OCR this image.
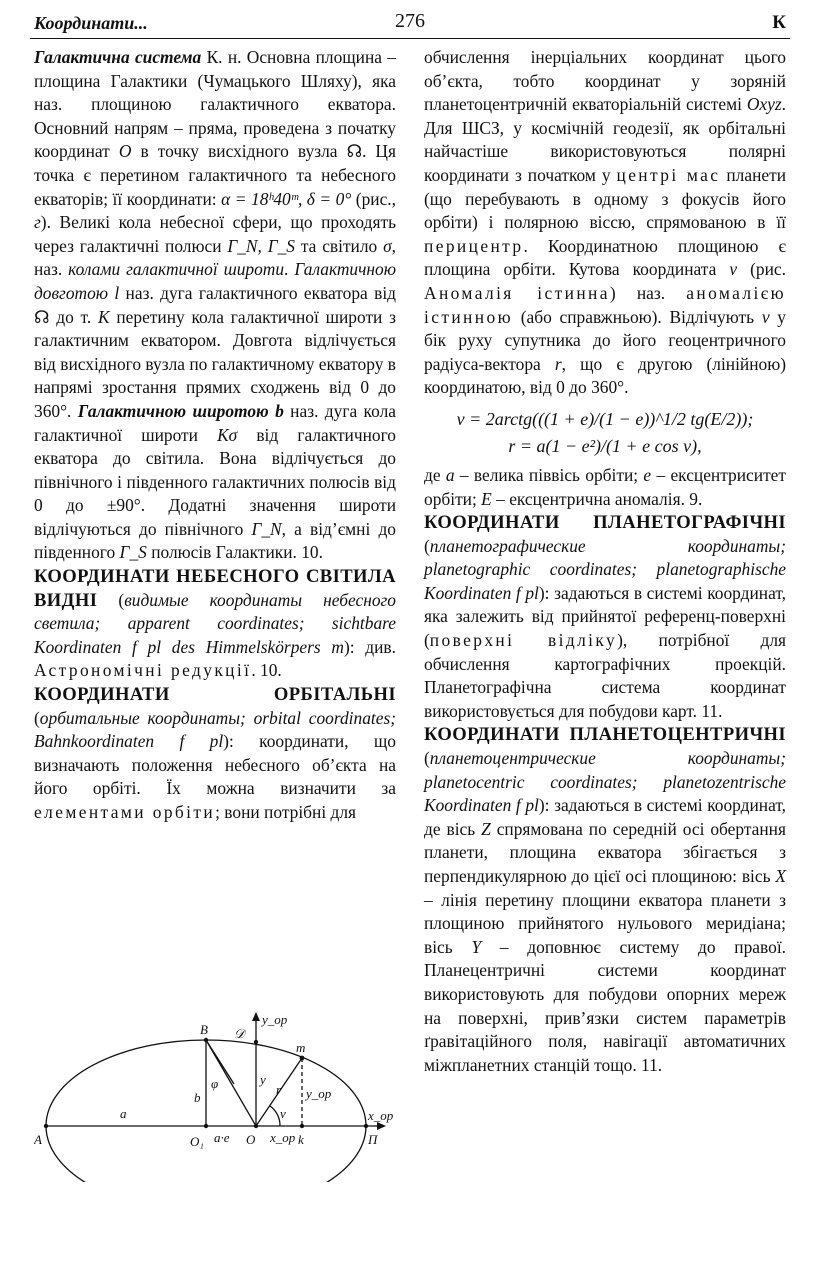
Координати...	276	К

Галактична система К. н. Основна площина – площина Галактики (Чумацького Шляху), яка наз. площиною галактичного екватора. Основний напрям – пряма, проведена з початку координат O в точку висхідного вузла ☊. Ця точка є перетином галактичного та небесного екваторів; її координати: α = 18ʰ40ᵐ, δ = 0° (рис., г). Великі кола небесної сфери, що проходять через галактичні полюси Γ_N, Γ_S та світило σ, наз. колами галактичної широти. Галактичною довготою l наз. дуга галактичного екватора від ☊ до т. K перетину кола галактичної широти з галактичним екватором. Довгота відлічується від висхідного вузла по галактичному екватору в напрямі зростання прямих сходжень від 0 до 360°. Галактичною широтою b наз. дуга кола галактичної широти Kσ від галактичного екватора до світила. Вона відлічується до північного і південного галактичних полюсів від 0 до ±90°. Додатні значення широти відлічуються до північного Γ_N, а від’ємні до південного Γ_S полюсів Галактики. 10.

КООРДИНАТИ НЕБЕСНОГО СВІТИЛА ВИДНІ (видимые координаты небесного светила; apparent coordinates; sichtbare Koordinaten f pl des Himmelskörpers m): див. Астрономічні редукції. 10.

КООРДИНАТИ ОРБІТАЛЬНІ (орбитальные координаты; orbital coordinates; Bahnkoordinaten f pl): координати, що визначають положення небесного об’єкта на його орбіті. Їх можна визначити за елементами орбіти; вони потрібні для

A
B 𝒟
m
П
O₁	O	k
a
b
a·e
φ	r
v
y
x_ор
y_ор
x_ор
y_ор

обчислення інерціальних координат цього об’єкта, тобто координат у зоряній планетоцентричній екваторіальній системі Oxyz. Для ШСЗ, у космічній геодезії, як орбітальні найчастіше використовуються полярні координати з початком у центрі мас планети (що перебувають в одному з фокусів його орбіти) і полярною віссю, спрямованою в її перицентр. Координатною площиною є площина орбіти. Кутова координата v (рис. Аномалія істинна) наз. аномалією істинною (або справжньою). Відлічують v у бік руху супутника до його геоцентричного радіуса-вектора r, що є другою (лінійною) координатою, від 0 до 360°.

v = 2arctg(((1 + e)/(1 − e))^1/2 tg(E/2));
r = a(1 − e²)/(1 + e cos v),

де a – велика піввісь орбіти; e – ексцентриситет орбіти; E – ексцентрична аномалія. 9.

КООРДИНАТИ ПЛАНЕТОГРАФІЧНІ (планетографические координаты; planetographic coordinates; planetographische Koordinaten f pl): задаються в системі координат, яка залежить від прийнятої референц-поверхні (поверхні відліку), потрібної для обчислення картографічних проекцій. Планетографічна система координат використовується для побудови карт. 11.

КООРДИНАТИ ПЛАНЕТОЦЕНТРИЧНІ (планетоцентрические координаты; planetocentric coordinates; planetozentrische Koordinaten f pl): задаються в системі координат, де вісь Z спрямована по середній осі обертання планети, площина екватора збігається з перпендикулярною до цієї осі площиною: вісь X – лінія перетину площини екватора планети з площиною прийнятого нульового меридіана; вісь Y – доповнює систему до правої. Планецентричні системи координат використовують для побудови опорних мереж на поверхні, прив’язки систем параметрів ґравітаційного поля, навігації автоматичних міжпланетних станцій тощо. 11.
